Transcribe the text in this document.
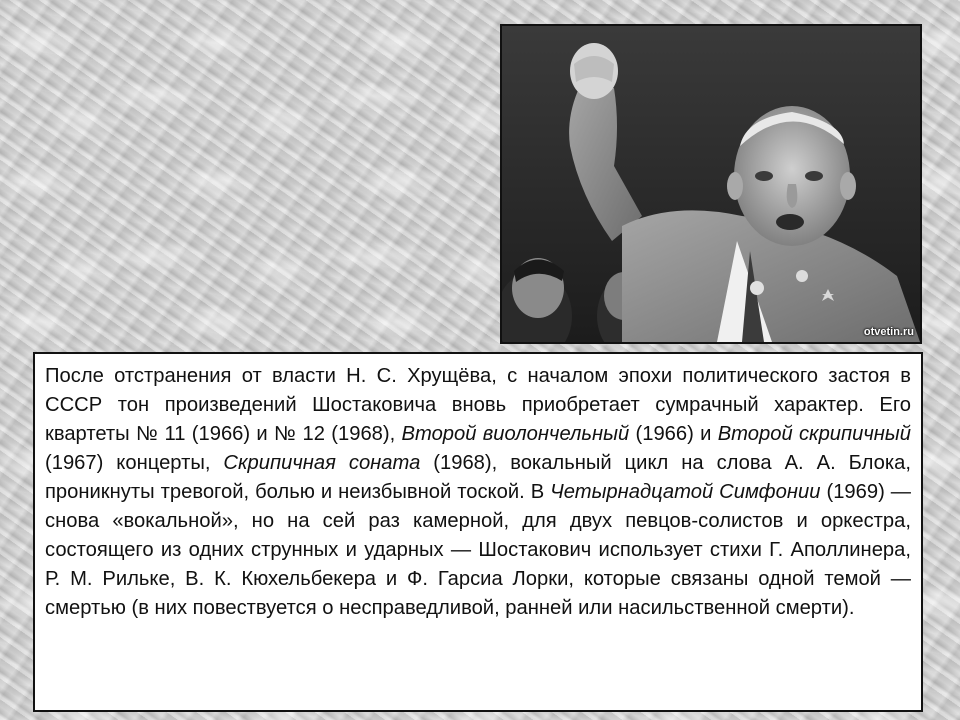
otvetin.ru

После отстранения от власти Н. С. Хрущёва, с началом эпохи политического застоя в СССР тон произведений Шостаковича вновь приобретает сумрачный характер. Его квартеты № 11 (1966) и № 12 (1968), Второй виолончельный (1966) и Второй скрипичный (1967) концерты, Скрипичная соната (1968), вокальный цикл на слова А. А. Блока, проникнуты тревогой, болью и неизбывной тоской. В Четырнадцатой Симфонии (1969) — снова «вокальной», но на сей раз камерной, для двух певцов-солистов и оркестра, состоящего из одних струнных и ударных — Шостакович использует стихи Г. Аполлинера, Р. М. Рильке, В. К. Кюхельбекера и Ф. Гарсиа Лорки, которые связаны одной темой — смертью (в них повествуется о несправедливой, ранней или насильственной смерти).
